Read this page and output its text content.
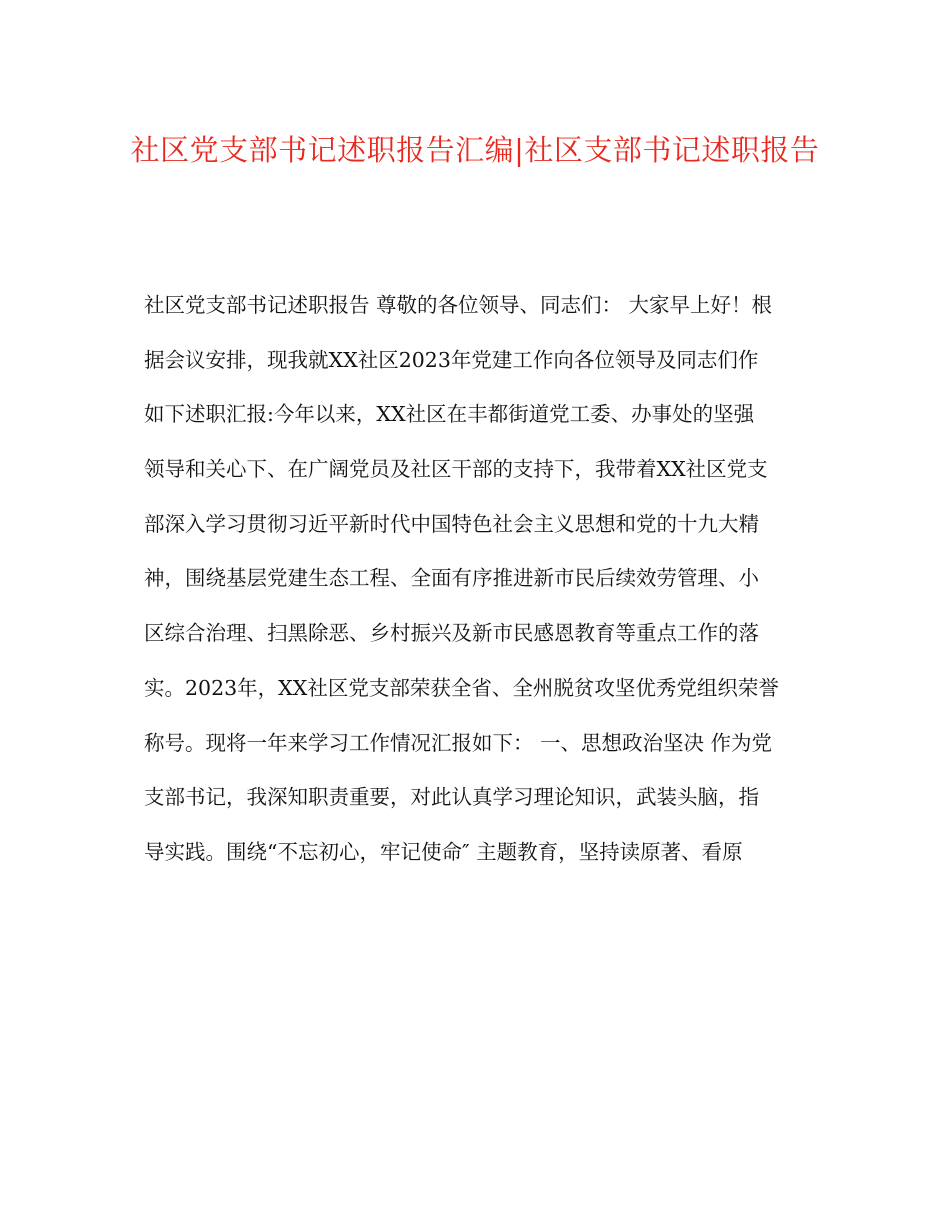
社区党支部书记述职报告汇编|社区支部书记述职报告
社区党支部书记述职报告 尊敬的各位领导、同志们： 大家早上好！根
据会议安排，现我就XX社区2023年党建工作向各位领导及同志们作
如下述职汇报:今年以来，XX社区在丰都街道党工委、办事处的坚强
领导和关心下、在广阔党员及社区干部的支持下，我带着XX社区党支
部深入学习贯彻习近平新时代中国特色社会主义思想和党的十九大精
神，围绕基层党建生态工程、全面有序推进新市民后续效劳管理、小
区综合治理、扫黑除恶、乡村振兴及新市民感恩教育等重点工作的落
实。2023年，XX社区党支部荣获全省、全州脱贫攻坚优秀党组织荣誉
称号。现将一年来学习工作情况汇报如下： 一、思想政治坚决 作为党
支部书记，我深知职责重要，对此认真学习理论知识，武装头脑，指
导实践。围绕“不忘初心，牢记使命″ 主题教育，坚持读原著、看原
